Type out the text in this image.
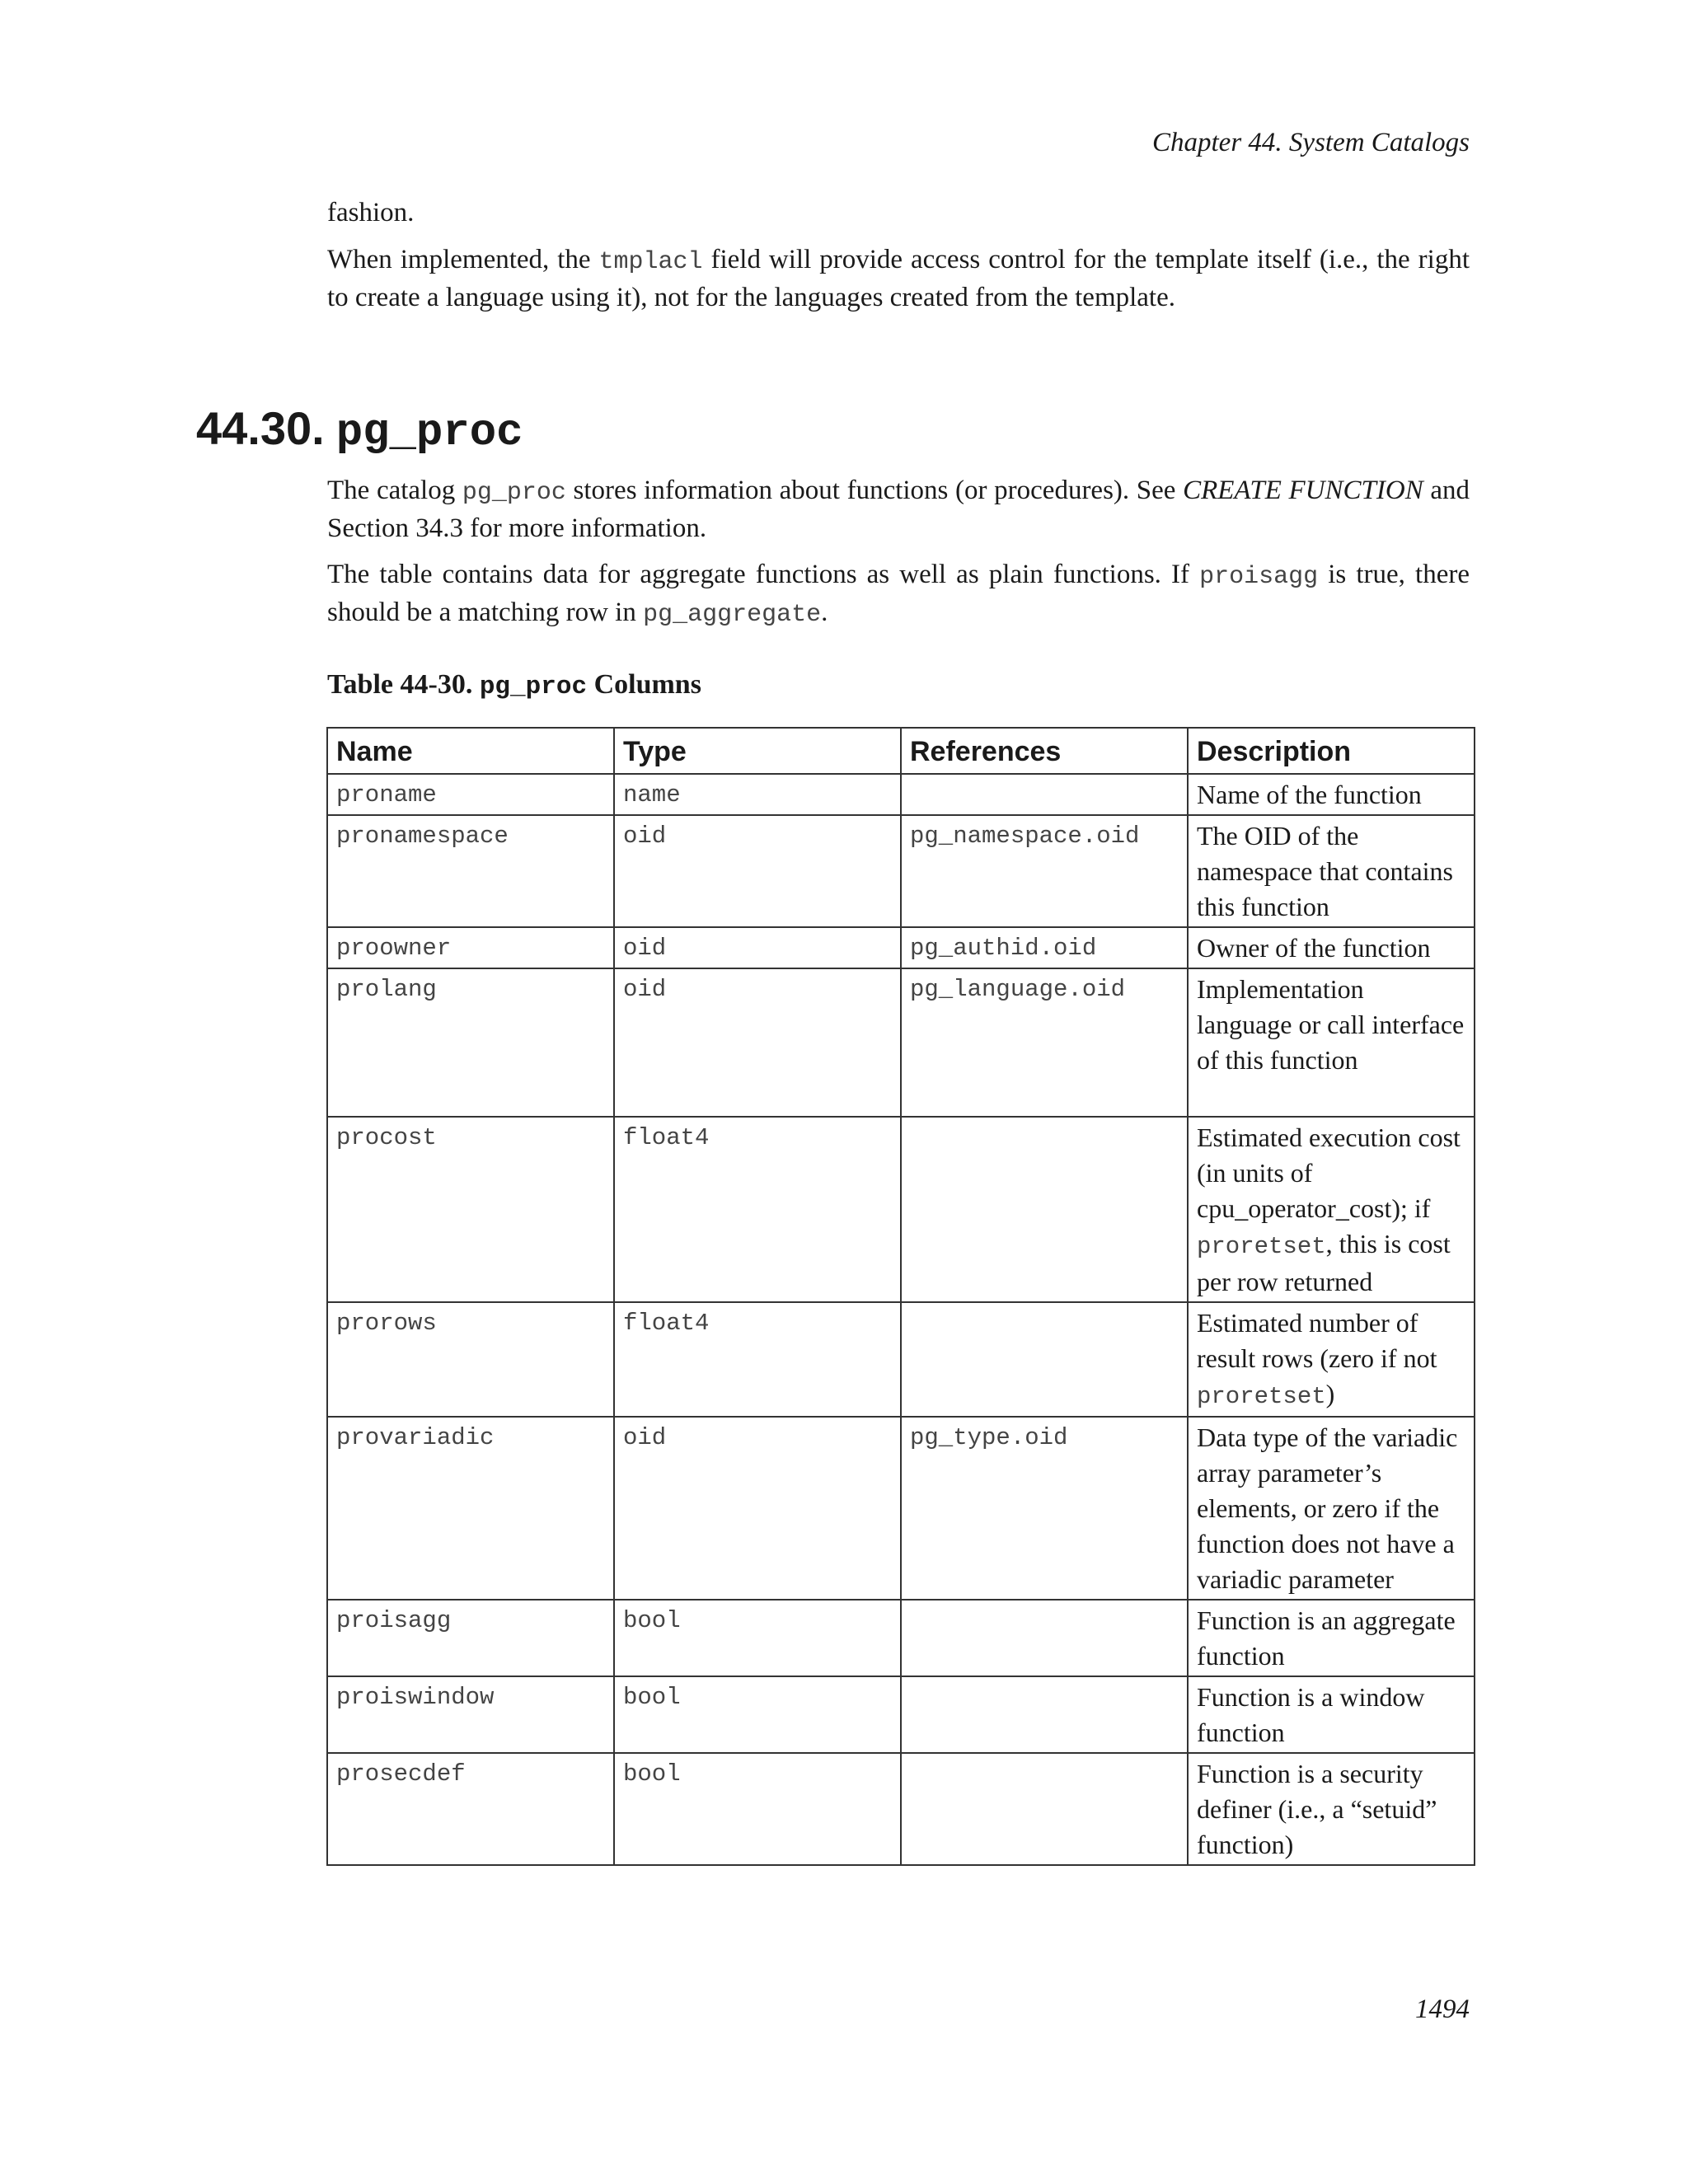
Chapter 44. System Catalogs

fashion.

When implemented, the tmplacl field will provide access control for the template itself (i.e., the right to create a language using it), not for the languages created from the template.

44.30. pg_proc

The catalog pg_proc stores information about functions (or procedures). See CREATE FUNCTION and Section 34.3 for more information.

The table contains data for aggregate functions as well as plain functions. If proisagg is true, there should be a matching row in pg_aggregate.

Table 44-30. pg_proc Columns

Name	Type	References	Description
proname	name		Name of the function
pronamespace	oid	pg_namespace.oid	The OID of the namespace that contains this function
proowner	oid	pg_authid.oid	Owner of the function
prolang	oid	pg_language.oid	Implementation language or call interface of this function
procost	float4		Estimated execution cost (in units of cpu_operator_cost); if proretset, this is cost per row returned
prorows	float4		Estimated number of result rows (zero if not proretset)
provariadic	oid	pg_type.oid	Data type of the variadic array parameter’s elements, or zero if the function does not have a variadic parameter
proisagg	bool		Function is an aggregate function
proiswindow	bool		Function is a window function
prosecdef	bool		Function is a security definer (i.e., a “setuid” function)
1494
